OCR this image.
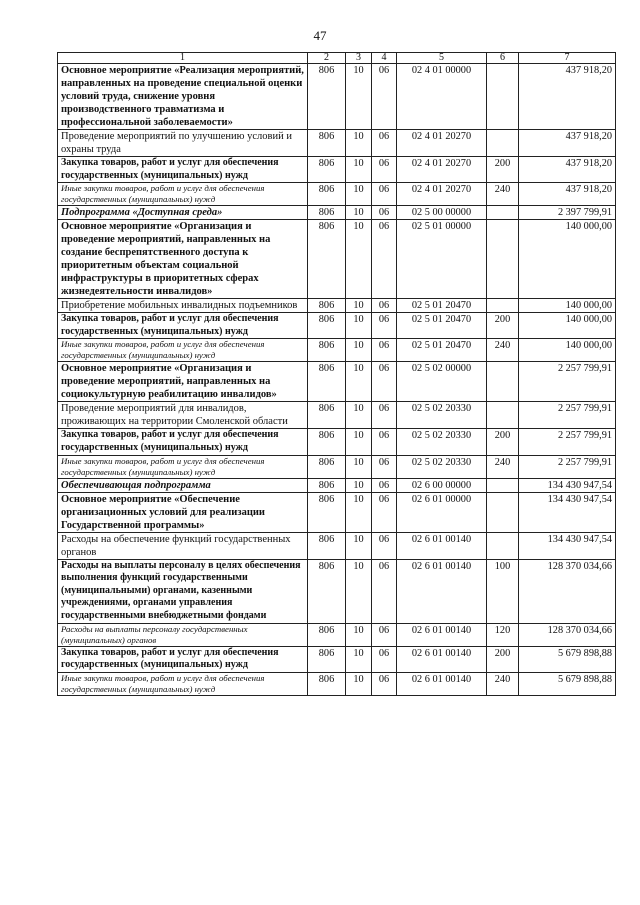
47
1	2	3	4	5	6	7
Основное мероприятие «Реализация мероприятий, направленных на проведение специальной оценки условий труда, снижение уровня производственного травматизма и профессиональной заболеваемости»	806	10	06	02 4 01 00000		437 918,20
Проведение мероприятий по улучшению условий и охраны труда	806	10	06	02 4 01 20270		437 918,20
Закупка товаров, работ и услуг для обеспечения государственных (муниципальных) нужд	806	10	06	02 4 01 20270	200	437 918,20
Иные закупки товаров, работ и услуг для обеспечения государственных (муниципальных) нужд	806	10	06	02 4 01 20270	240	437 918,20
Подпрограмма «Доступная среда»	806	10	06	02 5 00 00000		2 397 799,91
Основное мероприятие «Организация и проведение мероприятий, направленных на создание беспрепятственного доступа к приоритетным объектам социальной инфраструктуры в приоритетных сферах жизнедеятельности инвалидов»	806	10	06	02 5 01 00000		140 000,00
Приобретение мобильных инвалидных подъемников	806	10	06	02 5 01 20470		140 000,00
Закупка товаров, работ и услуг для обеспечения государственных (муниципальных) нужд	806	10	06	02 5 01 20470	200	140 000,00
Иные закупки товаров, работ и услуг для обеспечения государственных (муниципальных) нужд	806	10	06	02 5 01 20470	240	140 000,00
Основное мероприятие «Организация и проведение мероприятий, направленных на социокультурную реабилитацию инвалидов»	806	10	06	02 5 02 00000		2 257 799,91
Проведение мероприятий для инвалидов, проживающих на территории Смоленской области	806	10	06	02 5 02 20330		2 257 799,91
Закупка товаров, работ и услуг для обеспечения государственных (муниципальных) нужд	806	10	06	02 5 02 20330	200	2 257 799,91
Иные закупки товаров, работ и услуг для обеспечения государственных (муниципальных) нужд	806	10	06	02 5 02 20330	240	2 257 799,91
Обеспечивающая подпрограмма	806	10	06	02 6 00 00000		134 430 947,54
Основное мероприятие «Обеспечение организационных условий для реализации Государственной программы»	806	10	06	02 6 01 00000		134 430 947,54
Расходы на обеспечение функций государственных органов	806	10	06	02 6 01 00140		134 430 947,54
Расходы на выплаты персоналу в целях обеспечения выполнения функций государственными (муниципальными) органами, казенными учреждениями, органами управления государственными внебюджетными фондами	806	10	06	02 6 01 00140	100	128 370 034,66
Расходы на выплаты персоналу государственных (муниципальных) органов	806	10	06	02 6 01 00140	120	128 370 034,66
Закупка товаров, работ и услуг для обеспечения государственных (муниципальных) нужд	806	10	06	02 6 01 00140	200	5 679 898,88
Иные закупки товаров, работ и услуг для обеспечения государственных (муниципальных) нужд	806	10	06	02 6 01 00140	240	5 679 898,88
